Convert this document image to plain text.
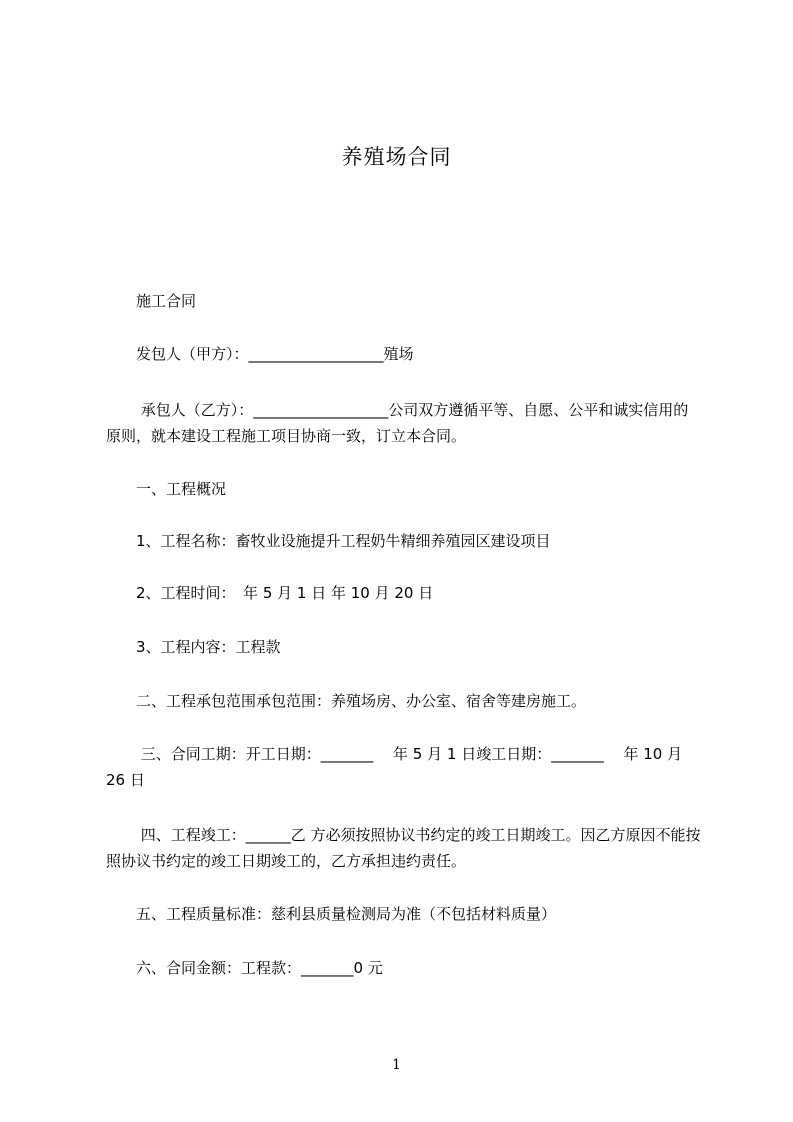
养殖场合同
　　施工合同
　　发包人（甲方）：__________________殖场
　　 承包人（乙方）：__________________公司双方遵循平等、自愿、公平和诚实信用的原则，就本建设工程施工项目协商一致，订立本合同。
　　一、工程概况
　　1、工程名称：畜牧业设施提升工程奶牛精细养殖园区建设项目
　　2、工程时间：　年 5 月 1 日 年 10 月 20 日
　　3、工程内容：工程款
　　二、工程承包范围承包范围：养殖场房、办公室、宿舍等建房施工。
　　 三、合同工期：开工日期：_______　 年 5 月 1 日竣工日期：_______　 年 10 月 26 日
　　 四、工程竣工：______乙 方必须按照协议书约定的竣工日期竣工。因乙方原因不能按照协议书约定的竣工日期竣工的，乙方承担违约责任。
　　五、工程质量标准：慈利县质量检测局为准（不包括材料质量）
　　六、合同金额：工程款：_______0 元
1
